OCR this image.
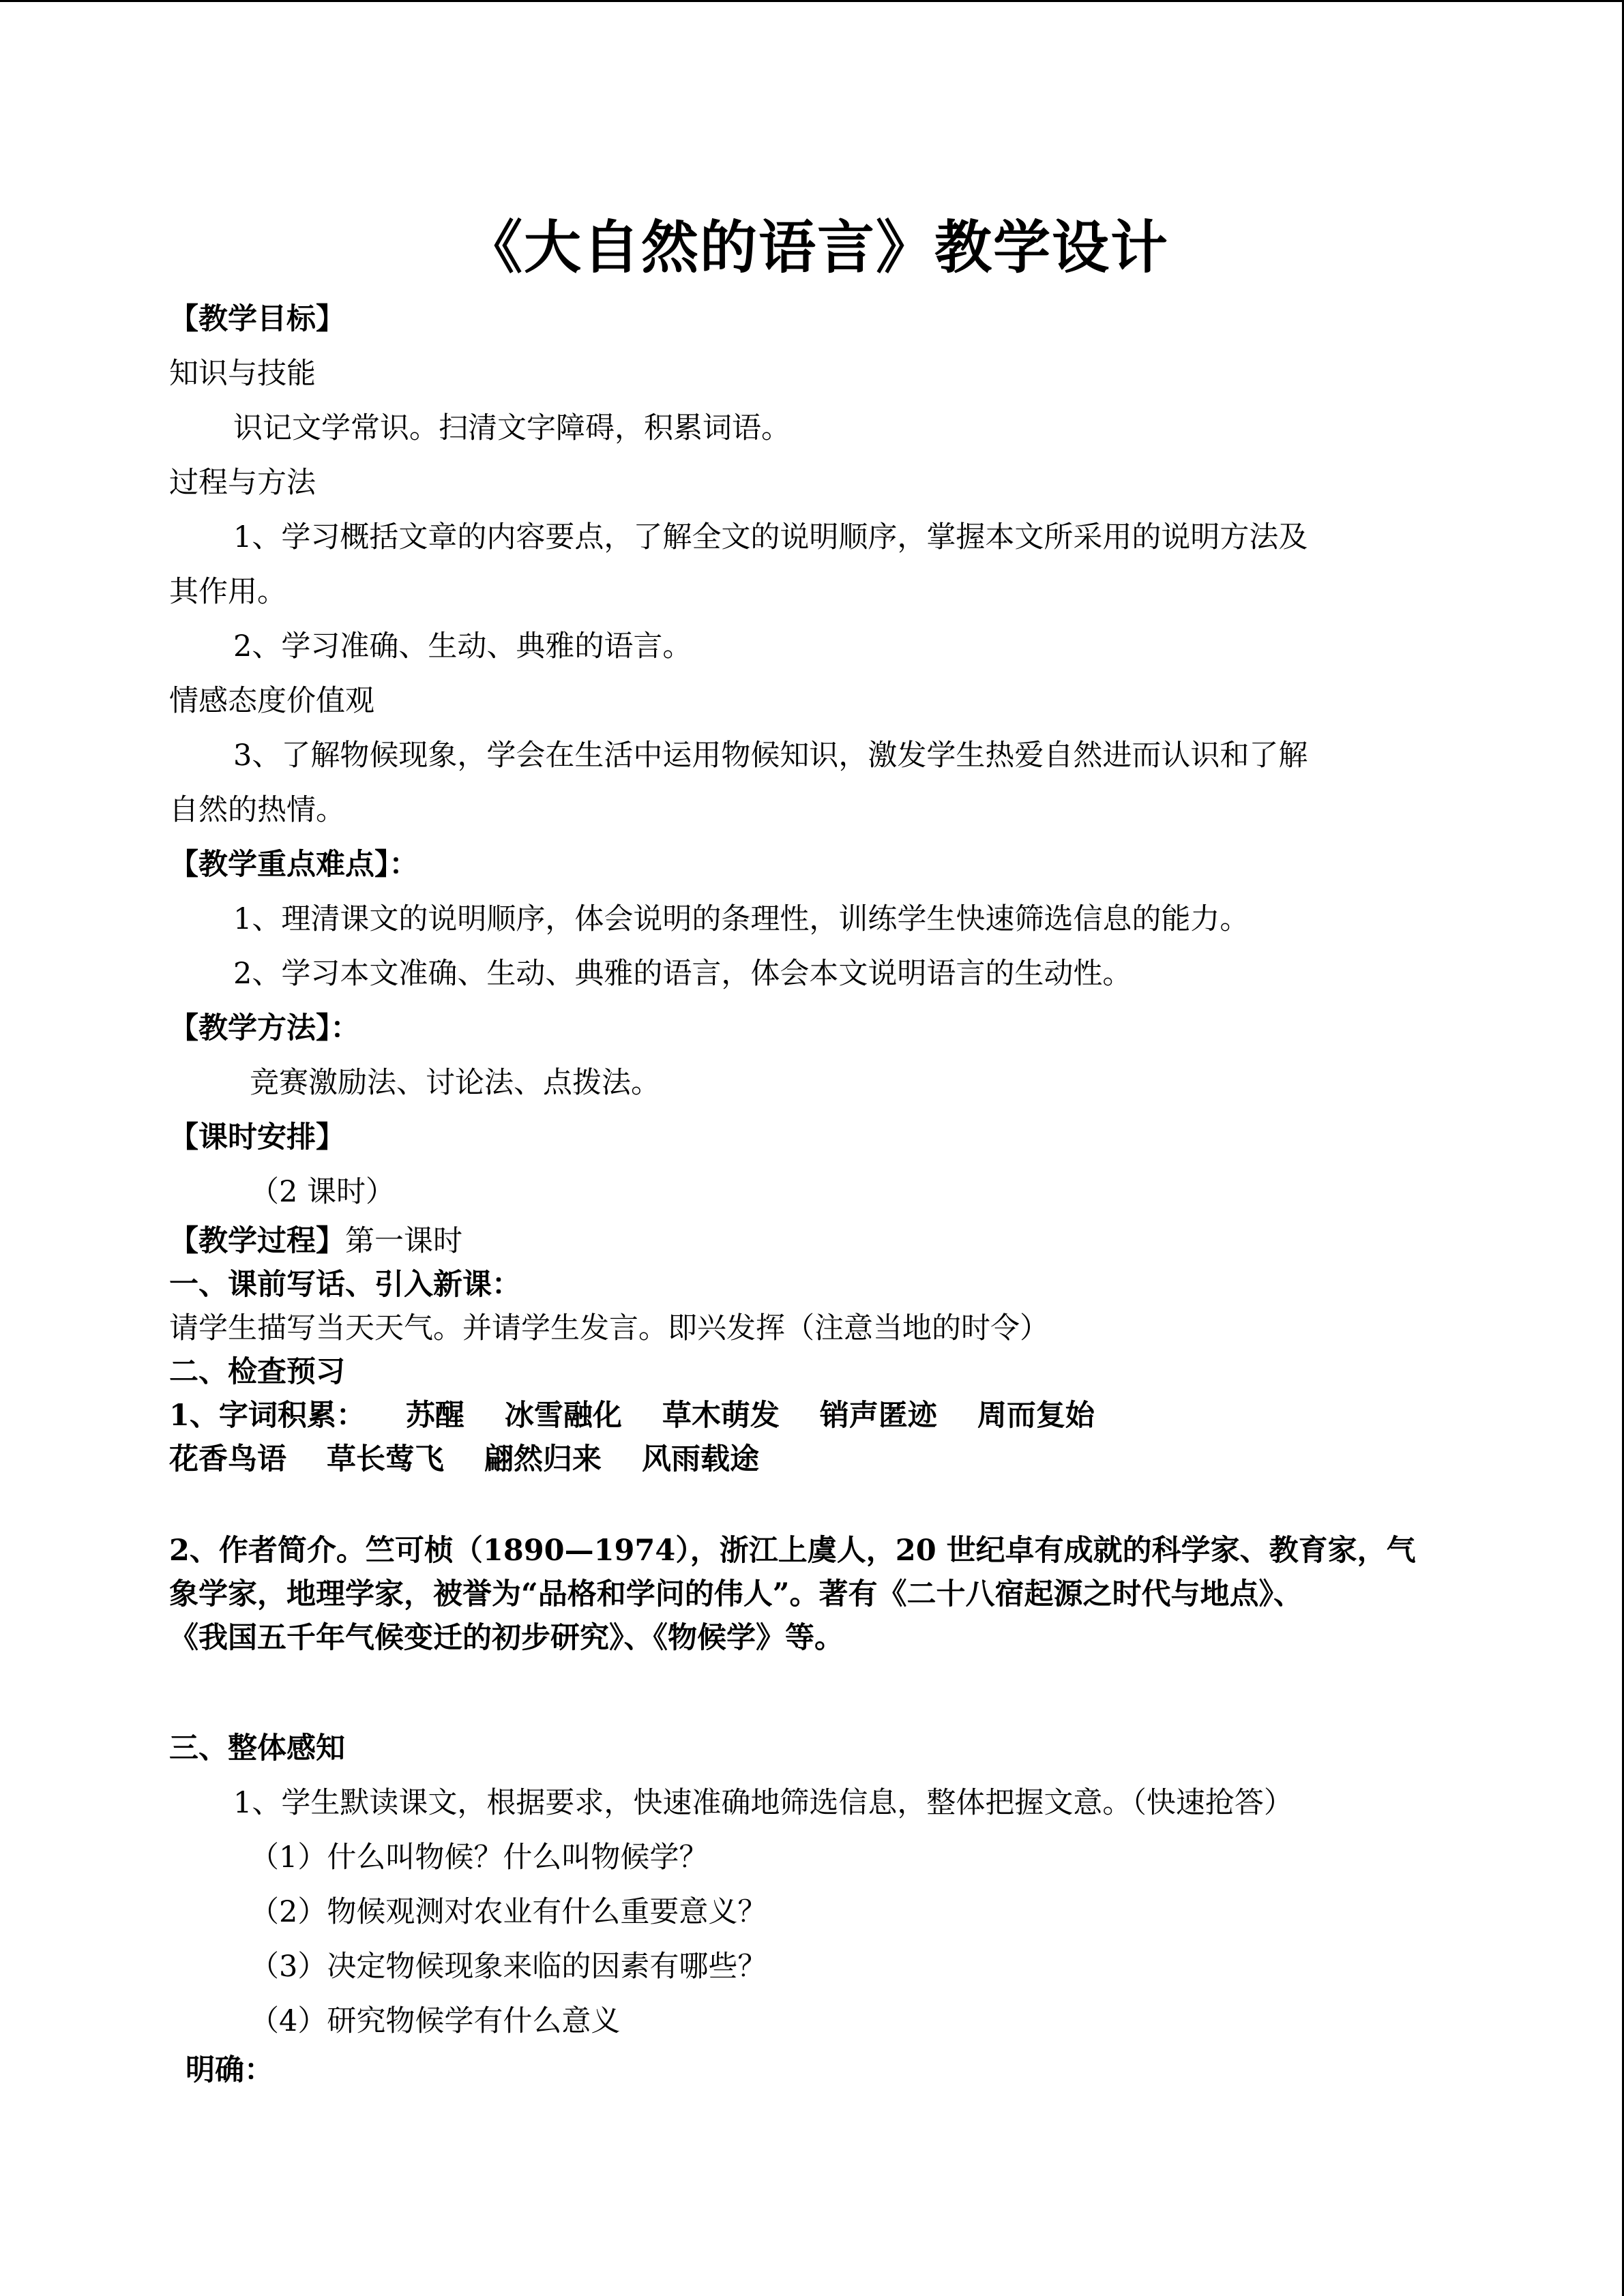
《大自然的语言》教学设计

【教学目标】

知识与技能

识记文学常识。扫清文字障碍，积累词语。

过程与方法

1、学习概括文章的内容要点，了解全文的说明顺序，掌握本文所采用的说明方法及

其作用。

2、学习准确、生动、典雅的语言。

情感态度价值观

3、了解物候现象，学会在生活中运用物候知识，激发学生热爱自然进而认识和了解

自然的热情。

【教学重点难点】：

1、理清课文的说明顺序，体会说明的条理性，训练学生快速筛选信息的能力。

2、学习本文准确、生动、典雅的语言，体会本文说明语言的生动性。

【教学方法】：

竞赛激励法、讨论法、点拨法。

【课时安排】

（2 课时）

【教学过程】第一课时

一、课前写话、引入新课：

请学生描写当天天气。并请学生发言。即兴发挥（注意当地的时令）

二、检查预习

1、字词积累： 苏醒 冰雪融化 草木萌发 销声匿迹 周而复始

花香鸟语 草长莺飞 翩然归来 风雨载途

2、作者简介。竺可桢（1890—1974），浙江上虞人，20 世纪卓有成就的科学家、教育家，气

象学家，地理学家，被誉为“品格和学问的伟人”。著有《二十八宿起源之时代与地点》、

《我国五千年气候变迁的初步研究》、《物候学》等。

三、整体感知

1、学生默读课文，根据要求，快速准确地筛选信息，整体把握文意。（快速抢答）

（1）什么叫物候？什么叫物候学？

（2）物候观测对农业有什么重要意义？

（3）决定物候现象来临的因素有哪些？

（4）研究物候学有什么意义

明确：
